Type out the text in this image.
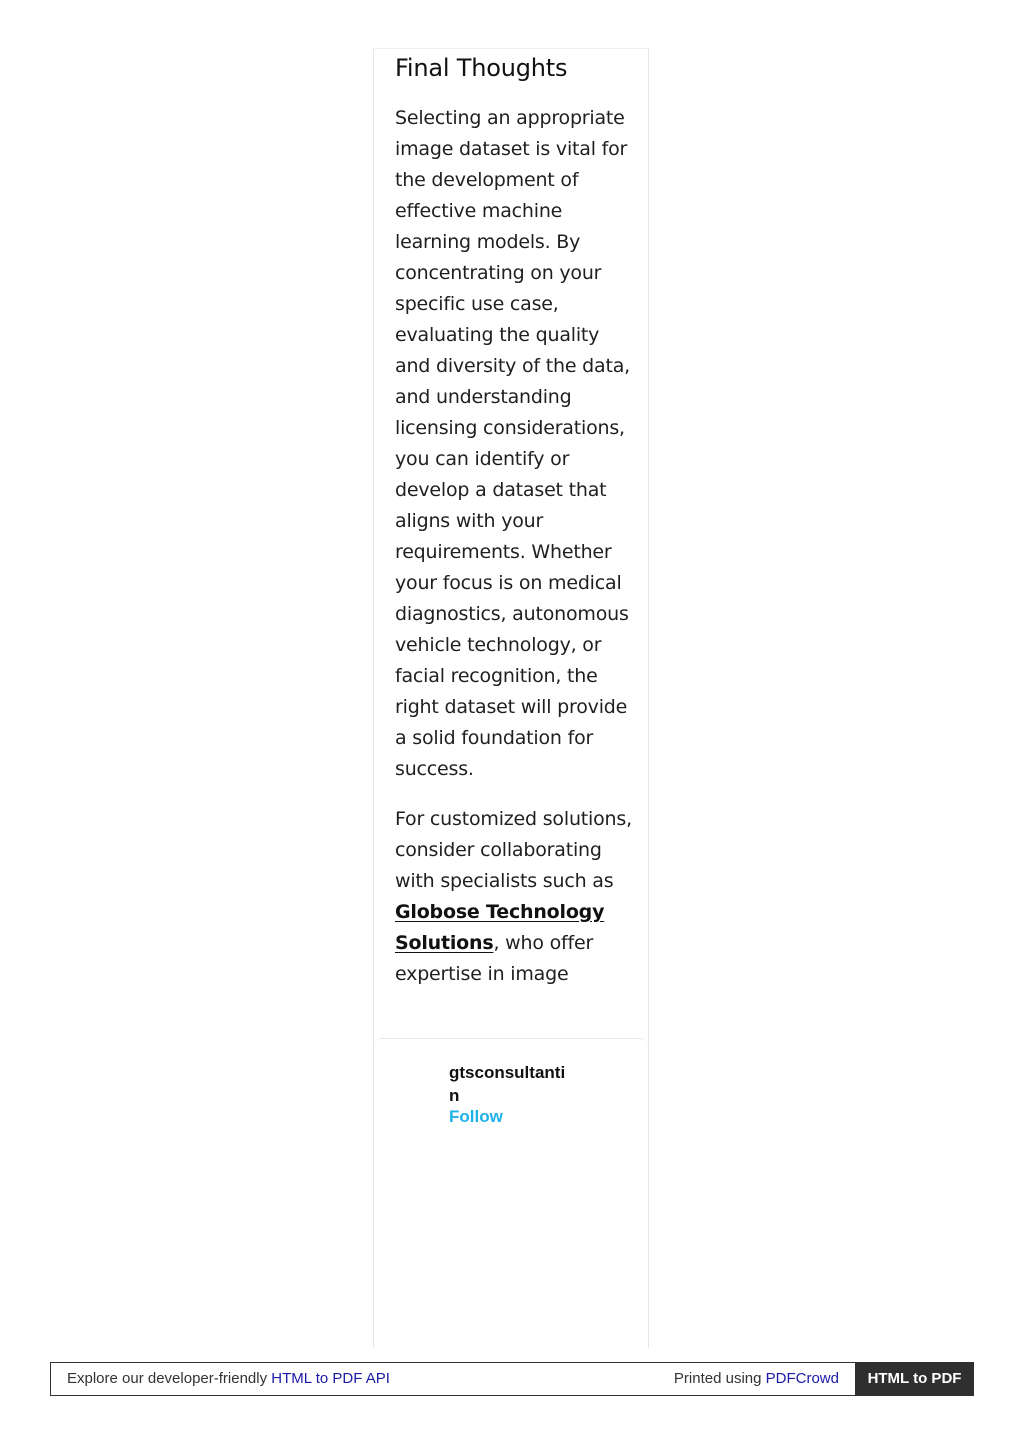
Final Thoughts

Selecting an appropriate image dataset is vital for the development of effective machine learning models. By concentrating on your specific use case, evaluating the quality and diversity of the data, and understanding licensing considerations, you can identify or develop a dataset that aligns with your requirements. Whether your focus is on medical diagnostics, autonomous vehicle technology, or facial recognition, the right dataset will provide a solid foundation for success.

For customized solutions, consider collaborating with specialists such as Globose Technology Solutions, who offer expertise in image

gtsconsultantin
Follow
Explore our developer-friendly HTML to PDF API	Printed using PDFCrowd	HTML to PDF
